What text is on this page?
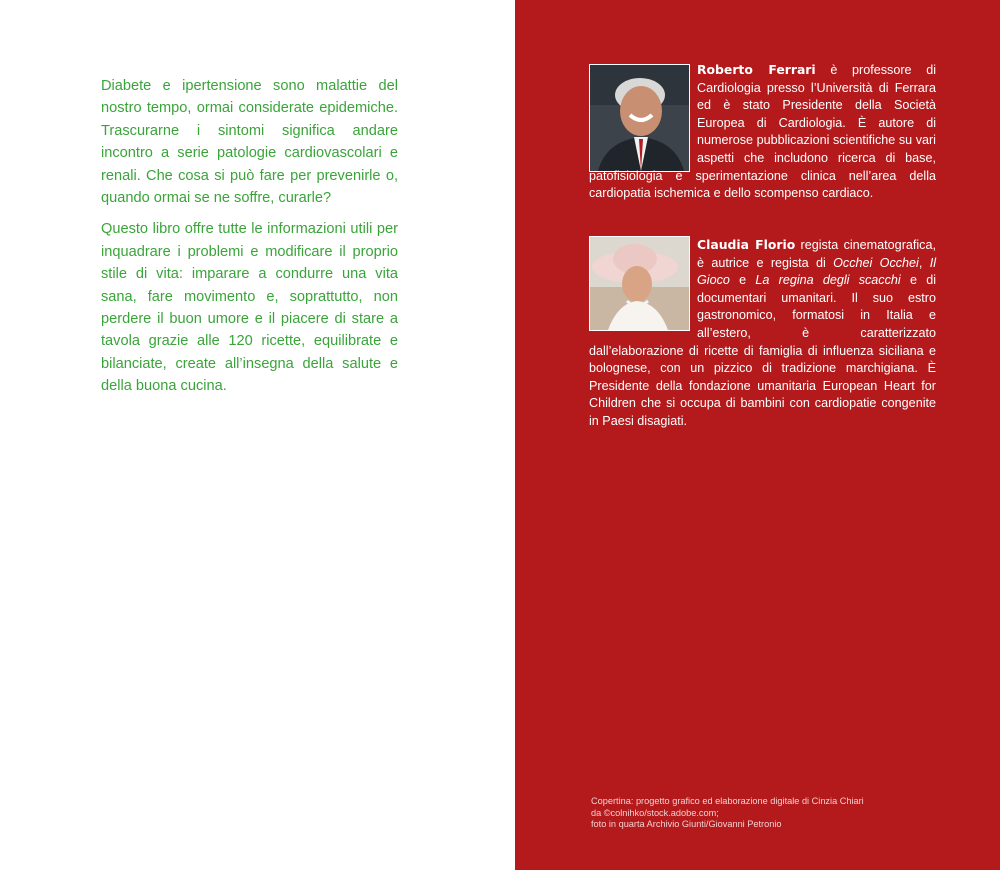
Diabete e ipertensione sono malattie del nostro tempo, ormai considerate epidemiche. Trascurarne i sintomi significa andare incontro a serie patologie cardiovascolari e renali. Che cosa si può fare per prevenirle o, quando ormai se ne soffre, curarle?

Questo libro offre tutte le informazioni utili per inquadrare i problemi e modificare il proprio stile di vita: imparare a condurre una vita sana, fare movimento e, soprattutto, non perdere il buon umore e il piacere di stare a tavola grazie alle 120 ricette, equilibrate e bilanciate, create all’insegna della salute e della buona cucina.

Roberto Ferrari è professore di Cardiologia presso l’Università di Ferrara ed è stato Presidente della Società Europea di Cardiologia. È autore di numerose pubblicazioni scientifiche su vari aspetti che includono ricerca di base, patofisiologia e sperimentazione clinica nell’area della cardiopatia ischemica e dello scompenso cardiaco.
Claudia Florio regista cinematografica, è autrice e regista di Occhei Occhei, Il Gioco e La regina degli scacchi e di documentari umanitari. Il suo estro gastronomico, formatosi in Italia e all’estero, è caratterizzato dall’elaborazione di ricette di famiglia di influenza siciliana e bolognese, con un pizzico di tradizione marchigiana. È Presidente della fondazione umanitaria European Heart for Children che si occupa di bambini con cardiopatie congenite in Paesi disagiati.
Copertina: progetto grafico ed elaborazione digitale di Cinzia Chiari
da ©colnihko/stock.adobe.com;
foto in quarta Archivio Giunti/Giovanni Petronio
